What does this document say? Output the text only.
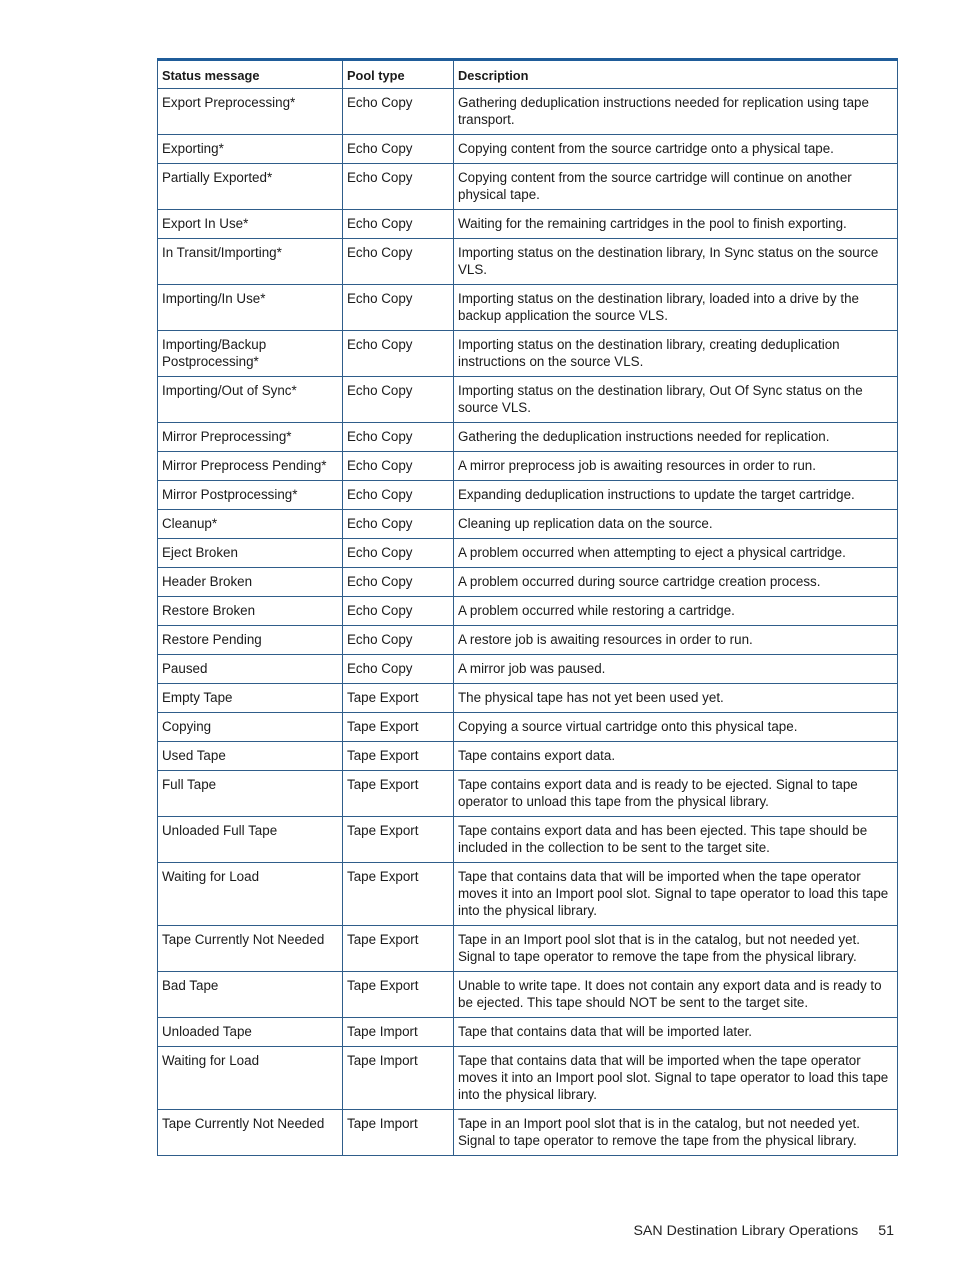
Status message	Pool type	Description
Export Preprocessing*	Echo Copy	Gathering deduplication instructions needed for replication using tape transport.
Exporting*	Echo Copy	Copying content from the source cartridge onto a physical tape.
Partially Exported*	Echo Copy	Copying content from the source cartridge will continue on another physical tape.
Export In Use*	Echo Copy	Waiting for the remaining cartridges in the pool to finish exporting.
In Transit/Importing*	Echo Copy	Importing status on the destination library, In Sync status on the source VLS.
Importing/In Use*	Echo Copy	Importing status on the destination library, loaded into a drive by the backup application the source VLS.
Importing/Backup Postprocessing*	Echo Copy	Importing status on the destination library, creating deduplication instructions on the source VLS.
Importing/Out of Sync*	Echo Copy	Importing status on the destination library, Out Of Sync status on the source VLS.
Mirror Preprocessing*	Echo Copy	Gathering the deduplication instructions needed for replication.
Mirror Preprocess Pending*	Echo Copy	A mirror preprocess job is awaiting resources in order to run.
Mirror Postprocessing*	Echo Copy	Expanding deduplication instructions to update the target cartridge.
Cleanup*	Echo Copy	Cleaning up replication data on the source.
Eject Broken	Echo Copy	A problem occurred when attempting to eject a physical cartridge.
Header Broken	Echo Copy	A problem occurred during source cartridge creation process.
Restore Broken	Echo Copy	A problem occurred while restoring a cartridge.
Restore Pending	Echo Copy	A restore job is awaiting resources in order to run.
Paused	Echo Copy	A mirror job was paused.
Empty Tape	Tape Export	The physical tape has not yet been used yet.
Copying	Tape Export	Copying a source virtual cartridge onto this physical tape.
Used Tape	Tape Export	Tape contains export data.
Full Tape	Tape Export	Tape contains export data and is ready to be ejected. Signal to tape operator to unload this tape from the physical library.
Unloaded Full Tape	Tape Export	Tape contains export data and has been ejected. This tape should be included in the collection to be sent to the target site.
Waiting for Load	Tape Export	Tape that contains data that will be imported when the tape operator moves it into an Import pool slot. Signal to tape operator to load this tape into the physical library.
Tape Currently Not Needed	Tape Export	Tape in an Import pool slot that is in the catalog, but not needed yet. Signal to tape operator to remove the tape from the physical library.
Bad Tape	Tape Export	Unable to write tape. It does not contain any export data and is ready to be ejected. This tape should NOT be sent to the target site.
Unloaded Tape	Tape Import	Tape that contains data that will be imported later.
Waiting for Load	Tape Import	Tape that contains data that will be imported when the tape operator moves it into an Import pool slot. Signal to tape operator to load this tape into the physical library.
Tape Currently Not Needed	Tape Import	Tape in an Import pool slot that is in the catalog, but not needed yet. Signal to tape operator to remove the tape from the physical library.
SAN Destination Library Operations 51
